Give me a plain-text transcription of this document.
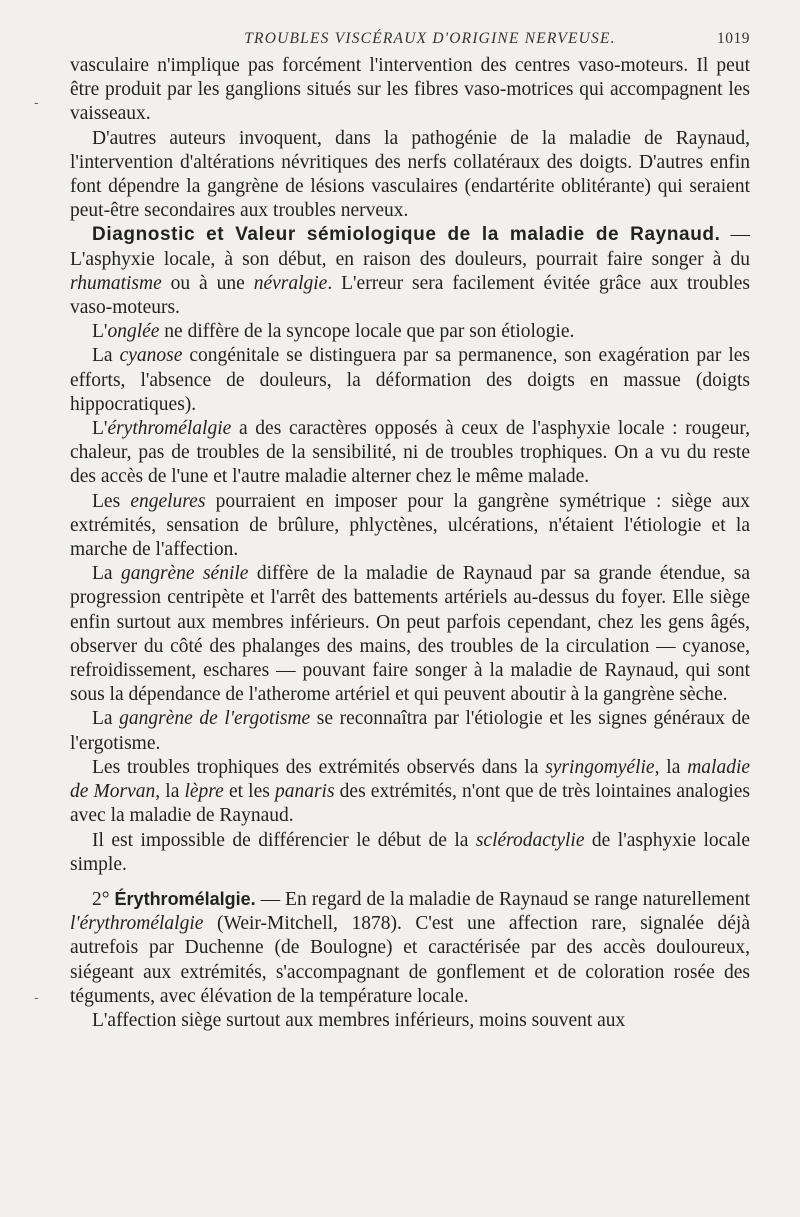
-
-
TROUBLES VISCÉRAUX D'ORIGINE NERVEUSE.	1019

vasculaire n'implique pas forcément l'intervention des centres vaso-moteurs. Il peut être produit par les ganglions situés sur les fibres vaso-motrices qui accompagnent les vaisseaux.

D'autres auteurs invoquent, dans la pathogénie de la maladie de Raynaud, l'intervention d'altérations névritiques des nerfs collatéraux des doigts. D'autres enfin font dépendre la gangrène de lésions vasculaires (endartérite oblitérante) qui seraient peut-être secondaires aux troubles nerveux.

Diagnostic et Valeur sémiologique de la maladie de Raynaud. — L'asphyxie locale, à son début, en raison des douleurs, pourrait faire songer à du rhumatisme ou à une névralgie. L'erreur sera facilement évitée grâce aux troubles vaso-moteurs.

L'onglée ne diffère de la syncope locale que par son étiologie.

La cyanose congénitale se distinguera par sa permanence, son exagération par les efforts, l'absence de douleurs, la déformation des doigts en massue (doigts hippocratiques).

L'érythromélalgie a des caractères opposés à ceux de l'asphyxie locale : rougeur, chaleur, pas de troubles de la sensibilité, ni de troubles trophiques. On a vu du reste des accès de l'une et l'autre maladie alterner chez le même malade.

Les engelures pourraient en imposer pour la gangrène symétrique : siège aux extrémités, sensation de brûlure, phlyctènes, ulcérations, n'étaient l'étiologie et la marche de l'affection.

La gangrène sénile diffère de la maladie de Raynaud par sa grande étendue, sa progression centripète et l'arrêt des battements artériels au-dessus du foyer. Elle siège enfin surtout aux membres inférieurs. On peut parfois cependant, chez les gens âgés, observer du côté des phalanges des mains, des troubles de la circulation — cyanose, refroidissement, eschares — pouvant faire songer à la maladie de Raynaud, qui sont sous la dépendance de l'atherome artériel et qui peuvent aboutir à la gangrène sèche.

La gangrène de l'ergotisme se reconnaîtra par l'étiologie et les signes généraux de l'ergotisme.

Les troubles trophiques des extrémités observés dans la syringomyélie, la maladie de Morvan, la lèpre et les panaris des extrémités, n'ont que de très lointaines analogies avec la maladie de Raynaud.

Il est impossible de différencier le début de la sclérodactylie de l'asphyxie locale simple.

2° Érythromélalgie. — En regard de la maladie de Raynaud se range naturellement l'érythromélalgie (Weir-Mitchell, 1878). C'est une affection rare, signalée déjà autrefois par Duchenne (de Boulogne) et caractérisée par des accès douloureux, siégeant aux extrémités, s'accompagnant de gonflement et de coloration rosée des téguments, avec élévation de la température locale.

L'affection siège surtout aux membres inférieurs, moins souvent aux
